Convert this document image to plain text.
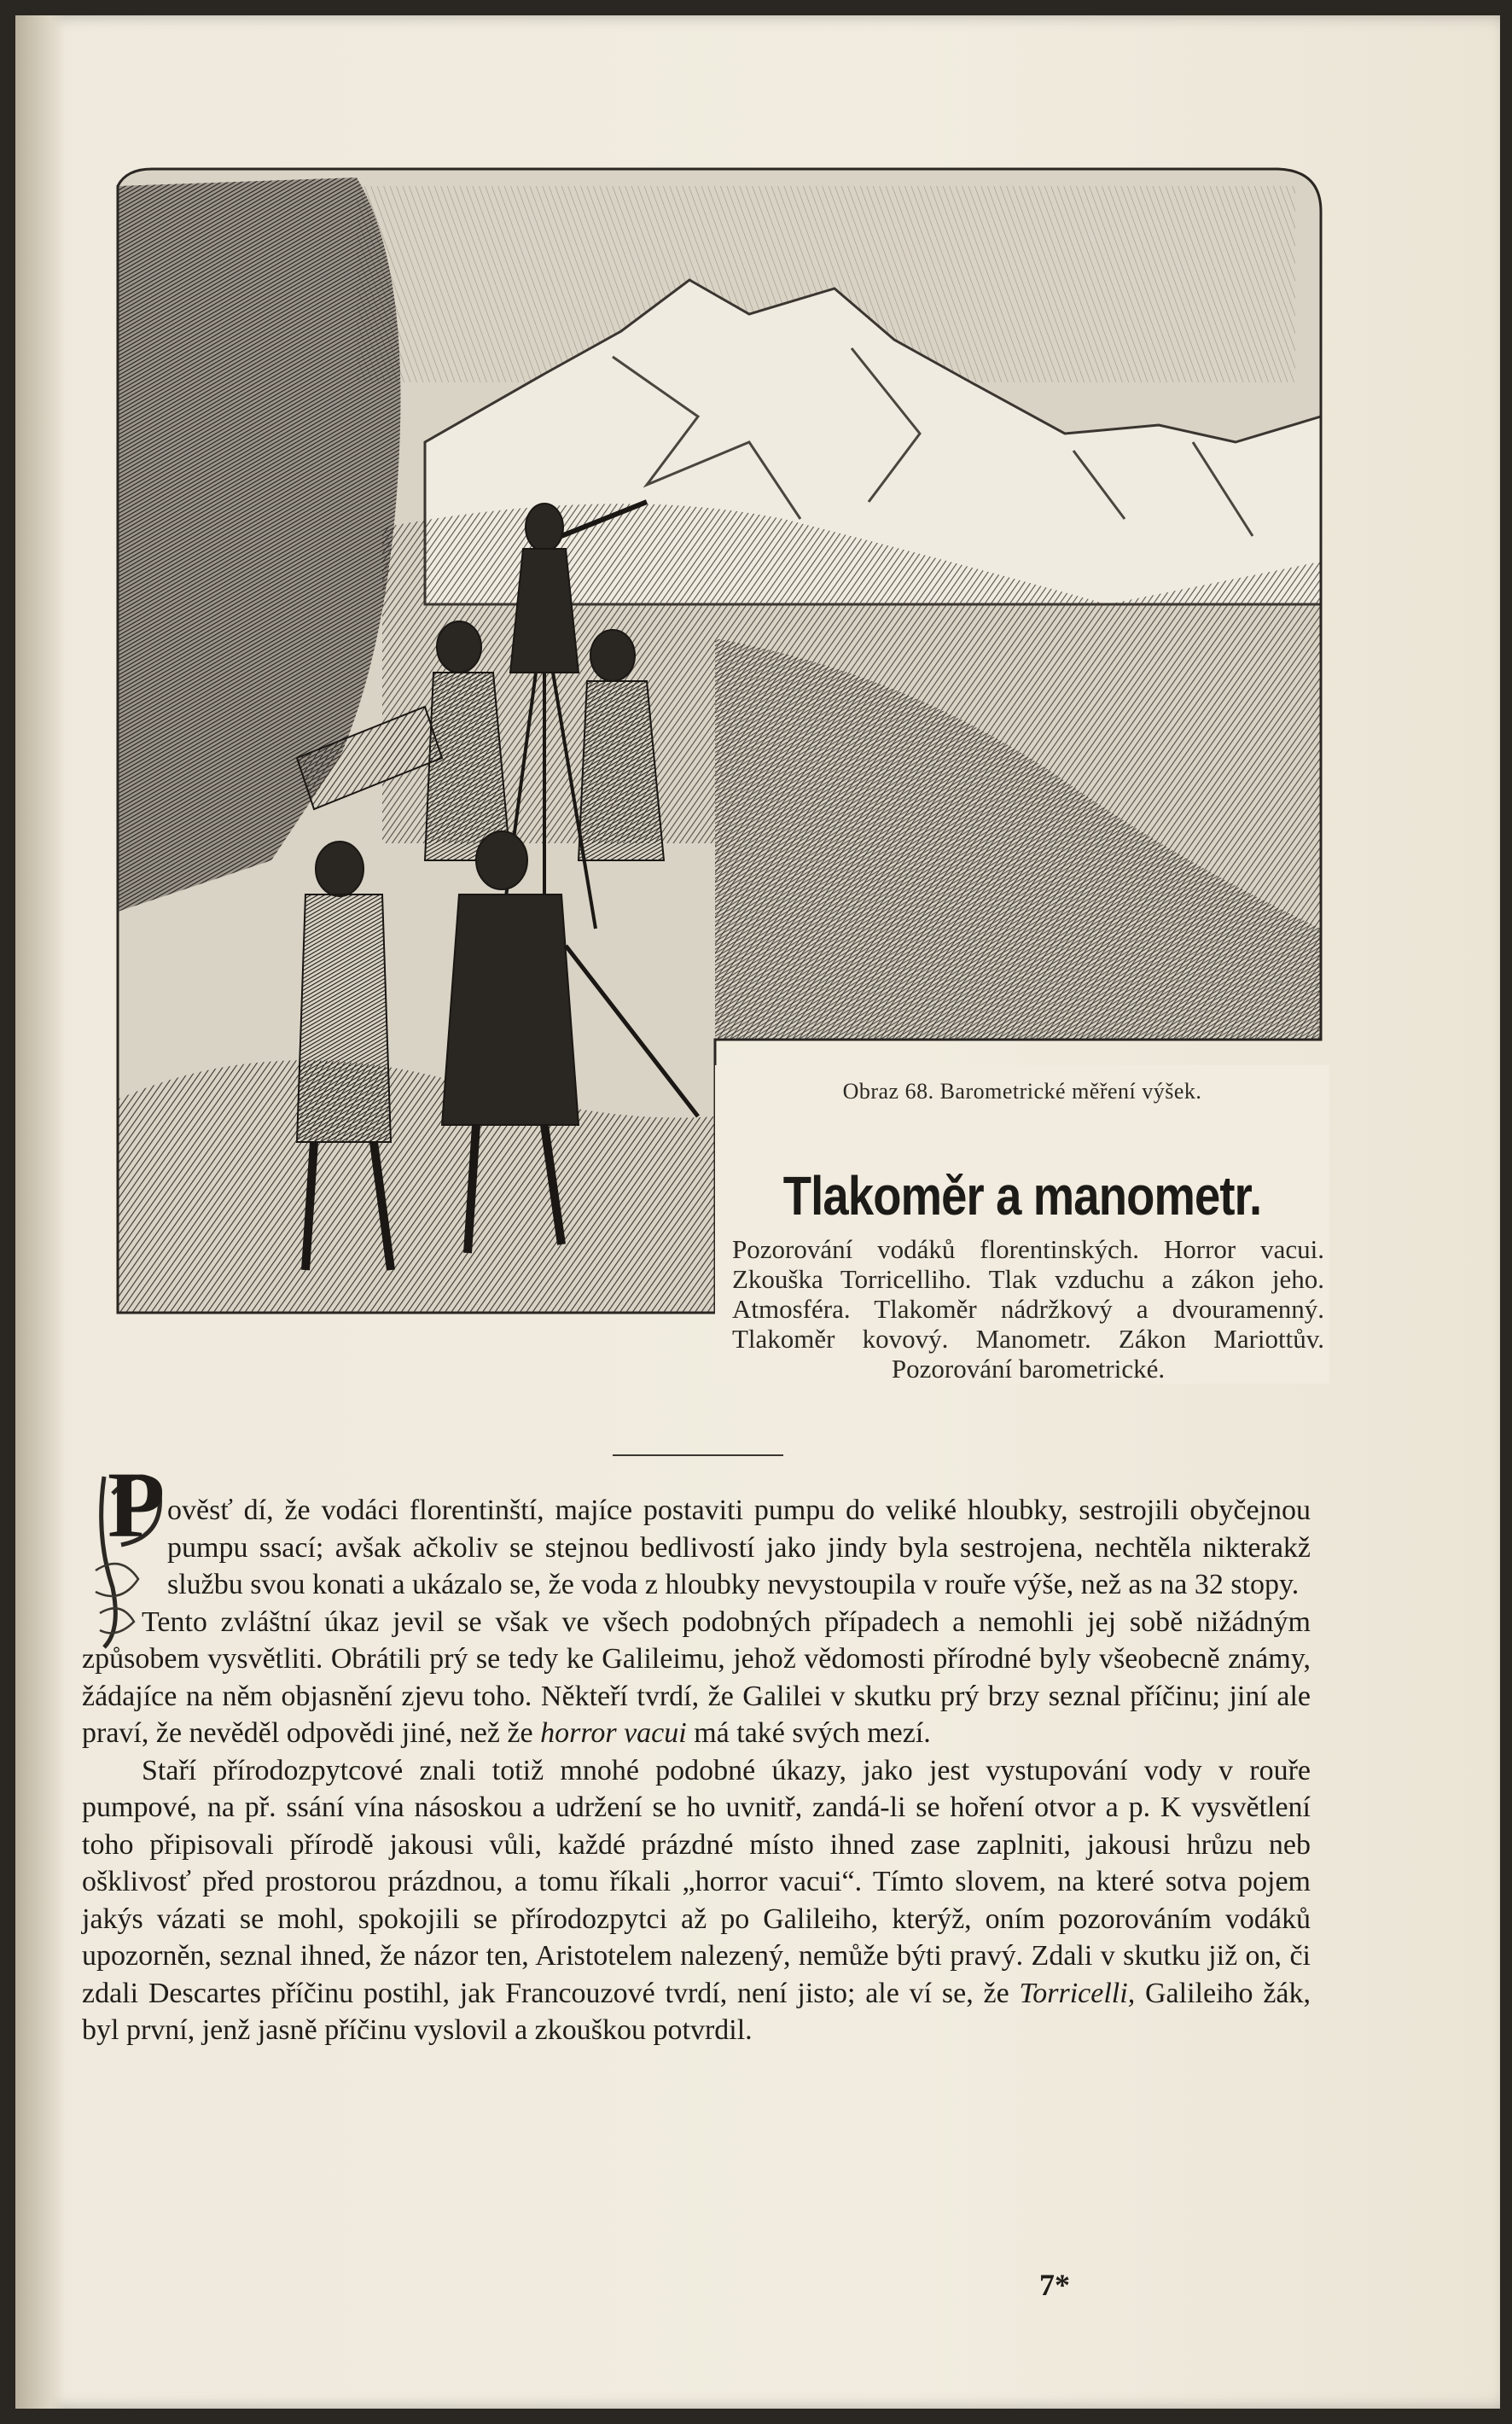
Obraz 68. Barometrické měření výšek.
Tlakoměr a manometr.
Pozorování vodáků florentinských. Horror vacui. Zkouška Torricelliho. Tlak vzduchu a zákon jeho. Atmosféra. Tlakoměr nádržkový a dvouramenný. Tlakoměr kovový. Manometr. Zákon Mariottův. Pozorování barometrické.
P ověsť dí, že vodáci florentinští, majíce postaviti pumpu do veliké hloubky, sestrojili obyčejnou pumpu ssací; avšak ačkoliv se stejnou bedlivostí jako jindy byla sestrojena, nechtěla nikterakž službu svou konati a ukázalo se, že voda z hloubky nevystoupila v rouře výše, než as na 32 stopy.

Tento zvláštní úkaz jevil se však ve všech podobných případech a nemohli jej sobě nižádným způsobem vysvětliti. Obrátili prý se tedy ke Galileimu, jehož vědomosti přírodné byly všeobecně známy, žádajíce na něm objasnění zjevu toho. Někteří tvrdí, že Galilei v skutku prý brzy seznal příčinu; jiní ale praví, že nevěděl odpovědi jiné, než že horror vacui má také svých mezí.

Staří přírodozpytcové znali totiž mnohé podobné úkazy, jako jest vystupování vody v rouře pumpové, na př. ssání vína násoskou a udržení se ho uvnitř, zandá-li se hoření otvor a p. K vysvětlení toho připisovali přírodě jakousi vůli, každé prázdné místo ihned zase zaplniti, jakousi hrůzu neb ošklivosť před prostorou prázdnou, a tomu říkali „horror vacui“. Tímto slovem, na které sotva pojem jakýs vázati se mohl, spokojili se přírodozpytci až po Galileiho, kterýž, oním pozorováním vodáků upozorněn, seznal ihned, že názor ten, Aristotelem nalezený, nemůže býti pravý. Zdali v skutku již on, či zdali Descartes příčinu postihl, jak Francouzové tvrdí, není jisto; ale ví se, že Torricelli, Galileiho žák, byl první, jenž jasně příčinu vyslovil a zkouškou potvrdil.

7*
